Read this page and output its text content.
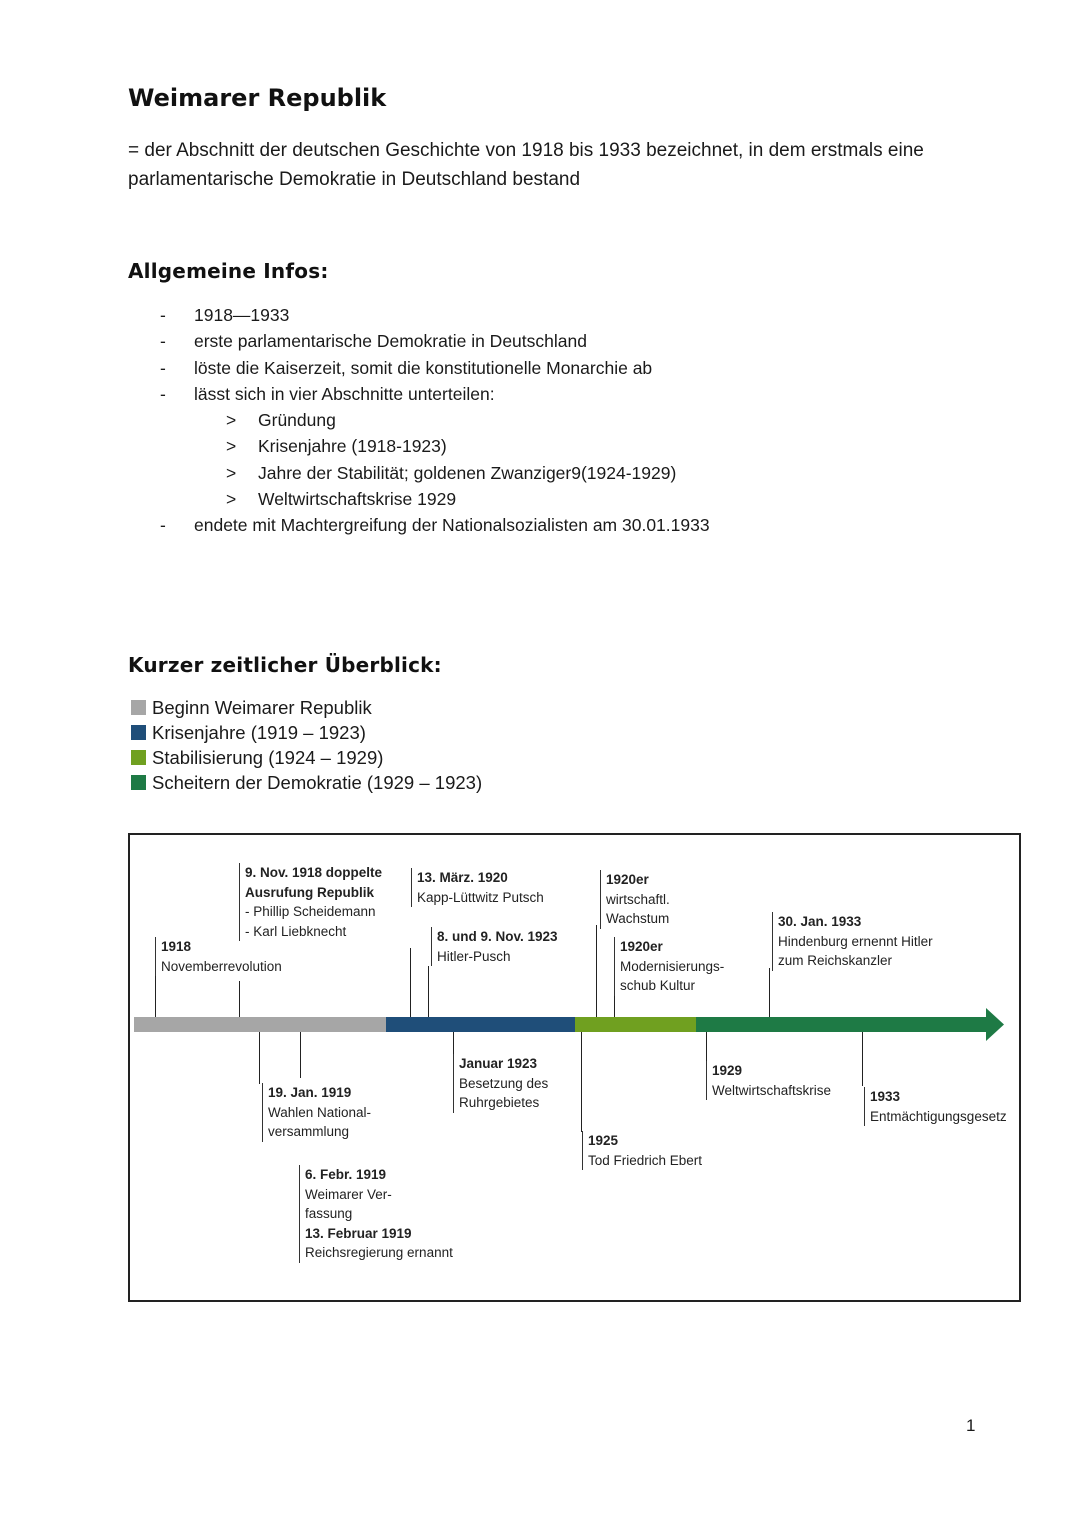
Weimarer Republik

= der Abschnitt der deutschen Geschichte von 1918 bis 1933 bezeichnet, in dem erstmals eine parlamentarische Demokratie in Deutschland bestand

Allgemeine Infos:
- 1918—1933
- erste parlamentarische Demokratie in Deutschland
- löste die Kaiserzeit, somit die konstitutionelle Monarchie ab
- lässt sich in vier Abschnitte unterteilen:
> Gründung
> Krisenjahre (1918-1923)
> Jahre der Stabilität; goldenen Zwanziger9(1924-1929)
> Weltwirtschaftskrise 1929
- endete mit Machtergreifung der Nationalsozialisten am 30.01.1933
Kurzer zeitlicher Überblick:
Beginn Weimarer Republik
Krisenjahre (1919 – 1923)
Stabilisierung (1924 – 1929)
Scheitern der Demokratie (1929 – 1923)
1918
Novemberrevolution
9. Nov. 1918 doppelte
Ausrufung Republik
- Phillip Scheidemann
- Karl Liebknecht
13. März. 1920
Kapp-Lüttwitz Putsch
8. und 9. Nov. 1923
Hitler-Pusch
1920er
wirtschaftl.
Wachstum
1920er
Modernisierungs-
schub Kultur
30. Jan. 1933
Hindenburg ernennt Hitler
zum Reichskanzler
19. Jan. 1919
Wahlen National-
versammlung
6. Febr. 1919
Weimarer Ver-
fassung
13. Februar 1919
Reichsregierung ernannt
Januar 1923
Besetzung des
Ruhrgebietes
1925
Tod Friedrich Ebert
1929
Weltwirtschaftskrise	1933
Entmächtigungsgesetz
1
